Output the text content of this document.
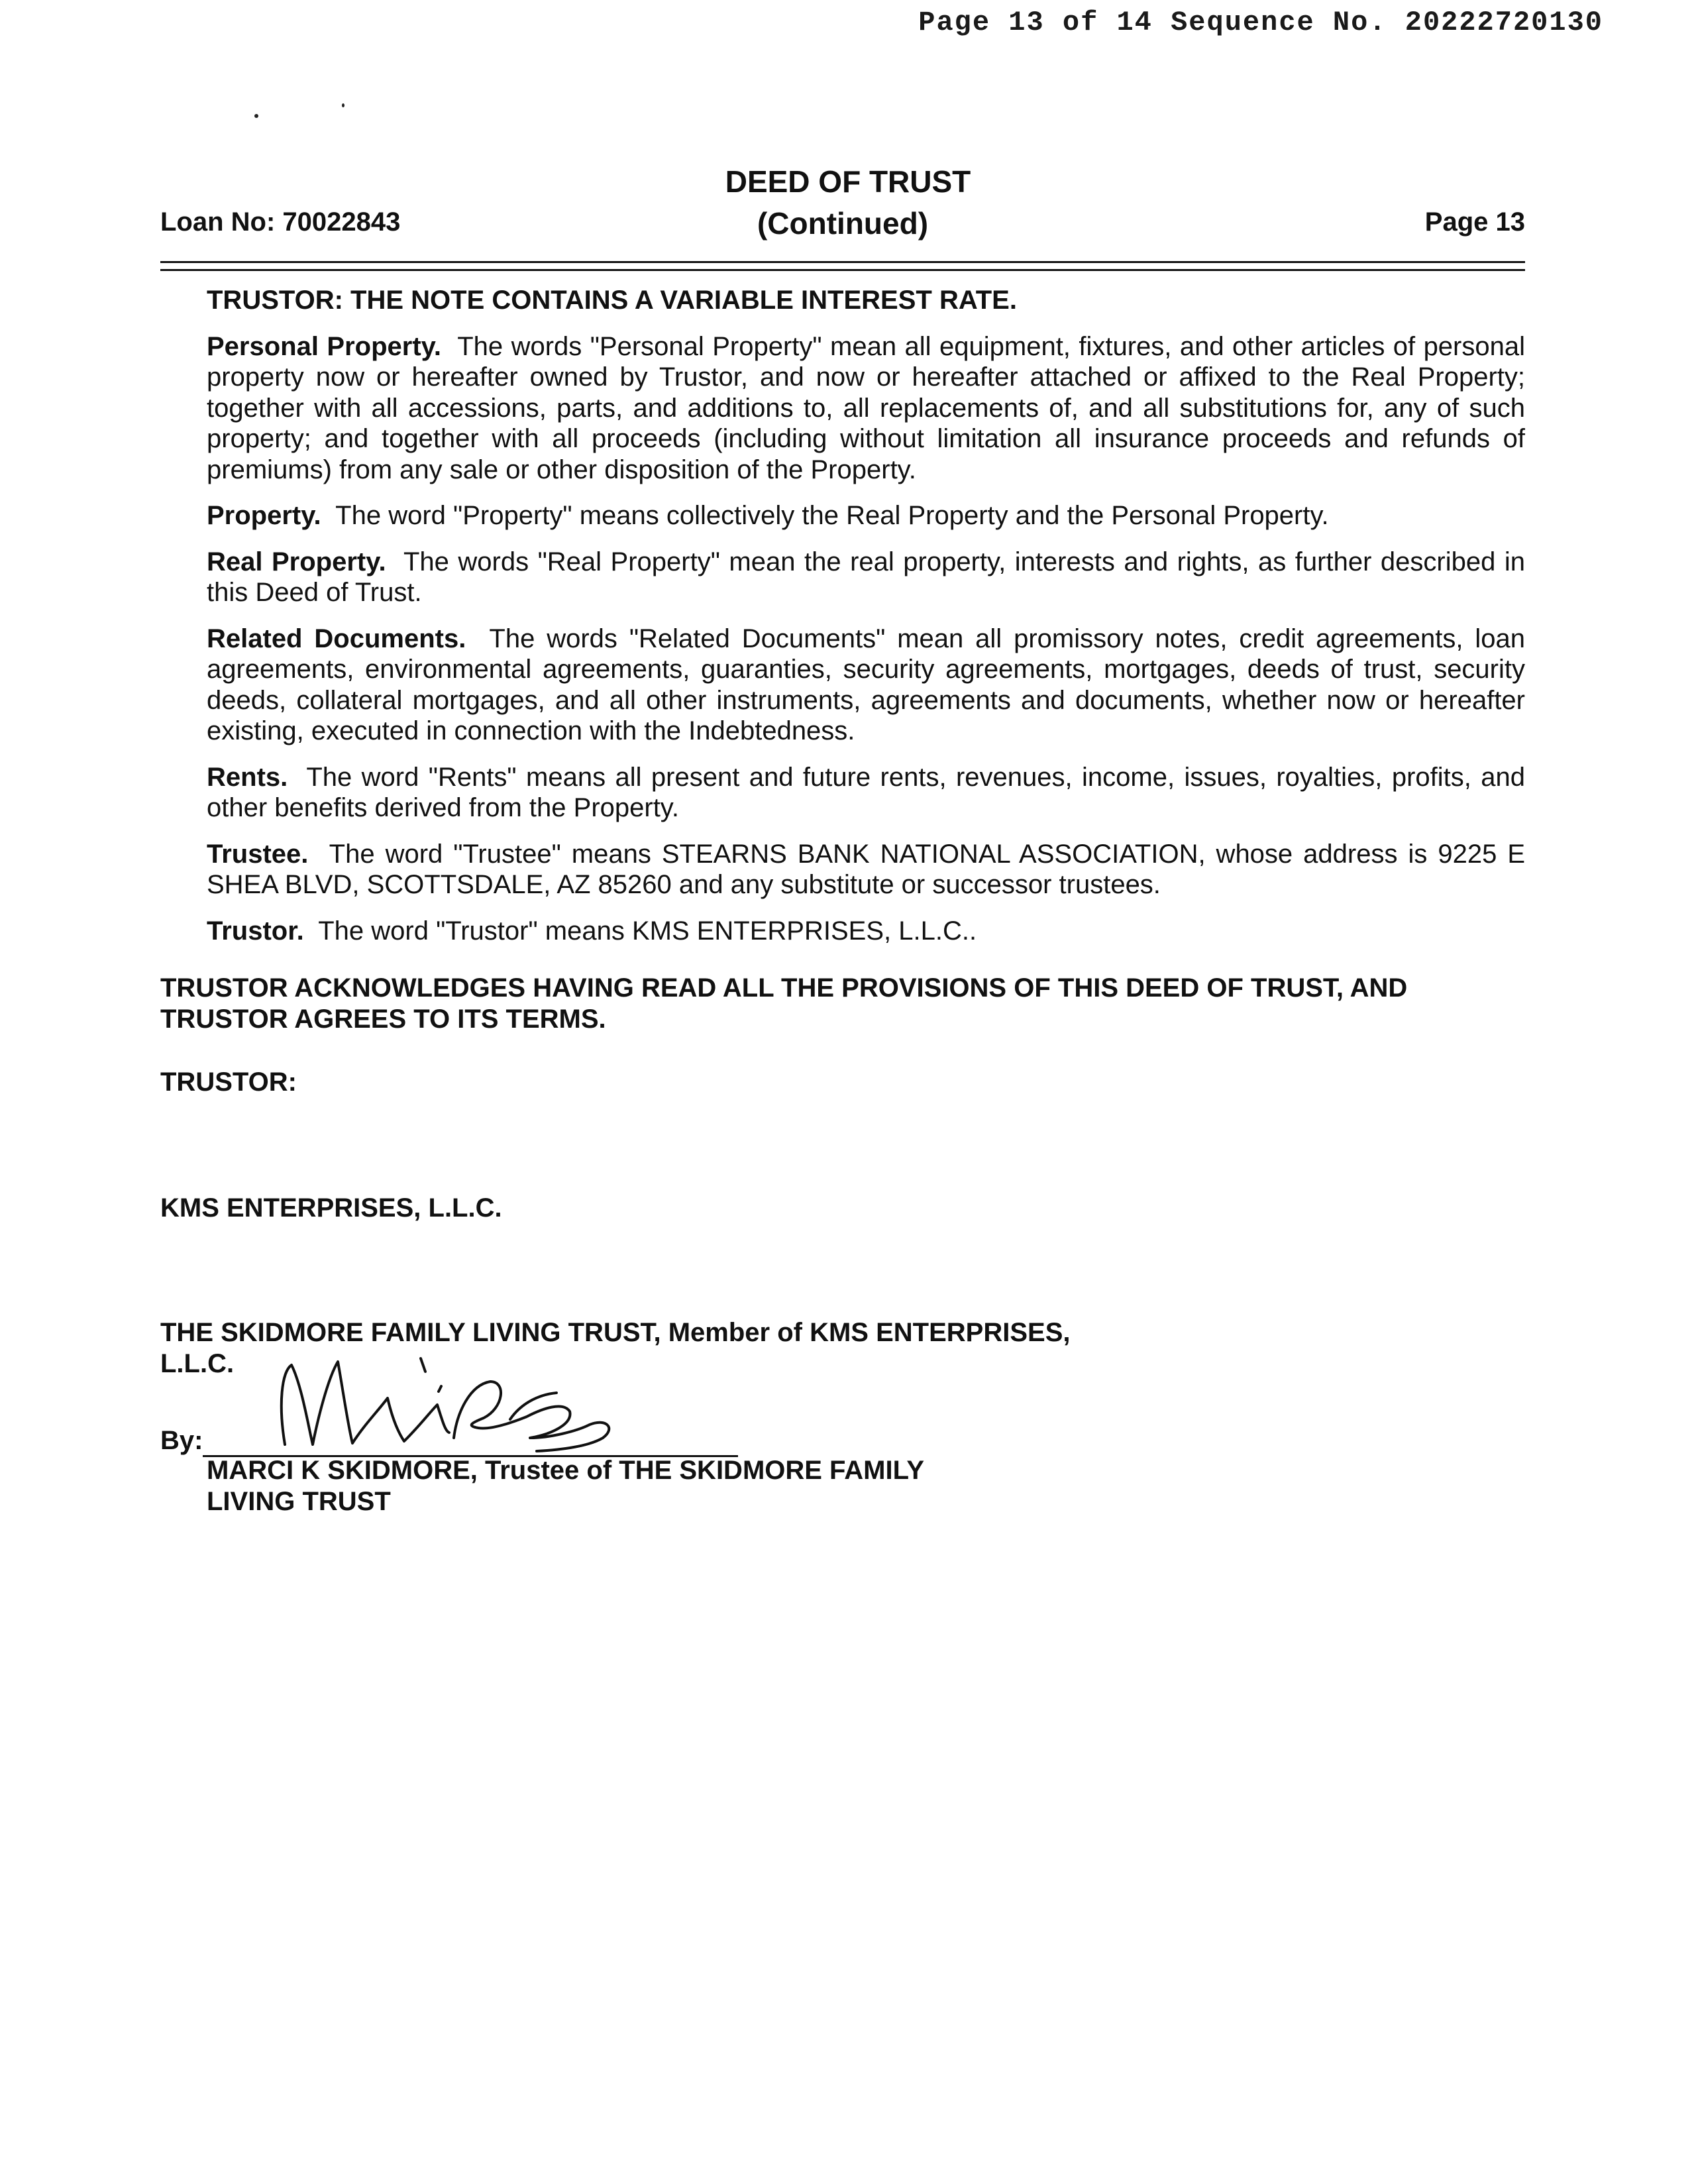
Page 13 of 14 Sequence No. 20222720130
DEED OF TRUST
(Continued)
Loan No: 70022843	Page 13

TRUSTOR: THE NOTE CONTAINS A VARIABLE INTEREST RATE.

Personal Property. The words "Personal Property" mean all equipment, fixtures, and other articles of personal property now or hereafter owned by Trustor, and now or hereafter attached or affixed to the Real Property; together with all accessions, parts, and additions to, all replacements of, and all substitutions for, any of such property; and together with all proceeds (including without limitation all insurance proceeds and refunds of premiums) from any sale or other disposition of the Property.

Property. The word "Property" means collectively the Real Property and the Personal Property.

Real Property. The words "Real Property" mean the real property, interests and rights, as further described in this Deed of Trust.

Related Documents. The words "Related Documents" mean all promissory notes, credit agreements, loan agreements, environmental agreements, guaranties, security agreements, mortgages, deeds of trust, security deeds, collateral mortgages, and all other instruments, agreements and documents, whether now or hereafter existing, executed in connection with the Indebtedness.

Rents. The word "Rents" means all present and future rents, revenues, income, issues, royalties, profits, and other benefits derived from the Property.

Trustee. The word "Trustee" means STEARNS BANK NATIONAL ASSOCIATION, whose address is 9225 E SHEA BLVD, SCOTTSDALE, AZ 85260 and any substitute or successor trustees.

Trustor. The word "Trustor" means KMS ENTERPRISES, L.L.C..

TRUSTOR ACKNOWLEDGES HAVING READ ALL THE PROVISIONS OF THIS DEED OF TRUST, AND TRUSTOR AGREES TO ITS TERMS.
TRUSTOR:
KMS ENTERPRISES, L.L.C.
THE SKIDMORE FAMILY LIVING TRUST, Member of KMS ENTERPRISES, L.L.C.
By:
MARCI K SKIDMORE, Trustee of THE SKIDMORE FAMILY LIVING TRUST
